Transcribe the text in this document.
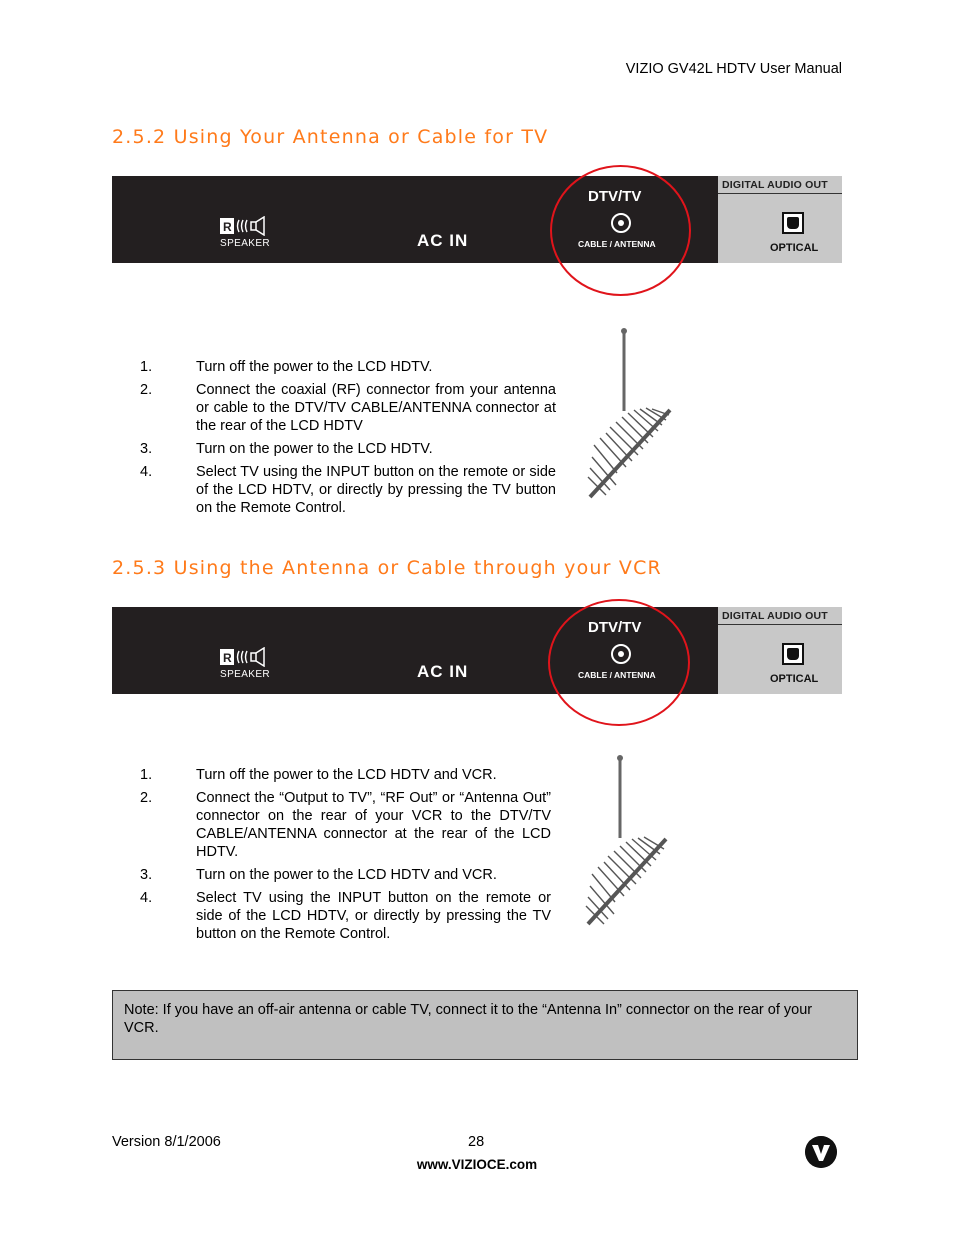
VIZIO GV42L HDTV User Manual
2.5.2 Using Your Antenna or Cable for TV
R
SPEAKER	AC IN
DTV/TV
CABLE / ANTENNA
DIGITAL AUDIO OUT
OPTICAL
1.	Turn off the power to the LCD HDTV.
2.	Connect the coaxial (RF) connector from your antenna or cable to the DTV/TV CABLE/ANTENNA connector at the rear of the LCD HDTV
3.	Turn on the power to the LCD HDTV.
4.	Select TV using the INPUT button on the remote or side of the LCD HDTV, or directly by pressing the TV button on the Remote Control.
2.5.3 Using the Antenna or Cable through your VCR
R
SPEAKER	AC IN
DTV/TV
CABLE / ANTENNA
DIGITAL AUDIO OUT
OPTICAL
1.	Turn off the power to the LCD HDTV and VCR.
2.	Connect the “Output to TV”, “RF Out” or “Antenna Out” connector on the rear of your VCR to the DTV/TV CABLE/ANTENNA connector at the rear of the LCD HDTV.
3.	Turn on the power to the LCD HDTV and VCR.
4.	Select TV using the INPUT button on the remote or side of the LCD HDTV, or directly by pressing the TV button on the Remote Control.
Note: If you have an off-air antenna or cable TV, connect it to the “Antenna In” connector on the rear of your VCR.
Version 8/1/2006	28
www.VIZIOCE.com
